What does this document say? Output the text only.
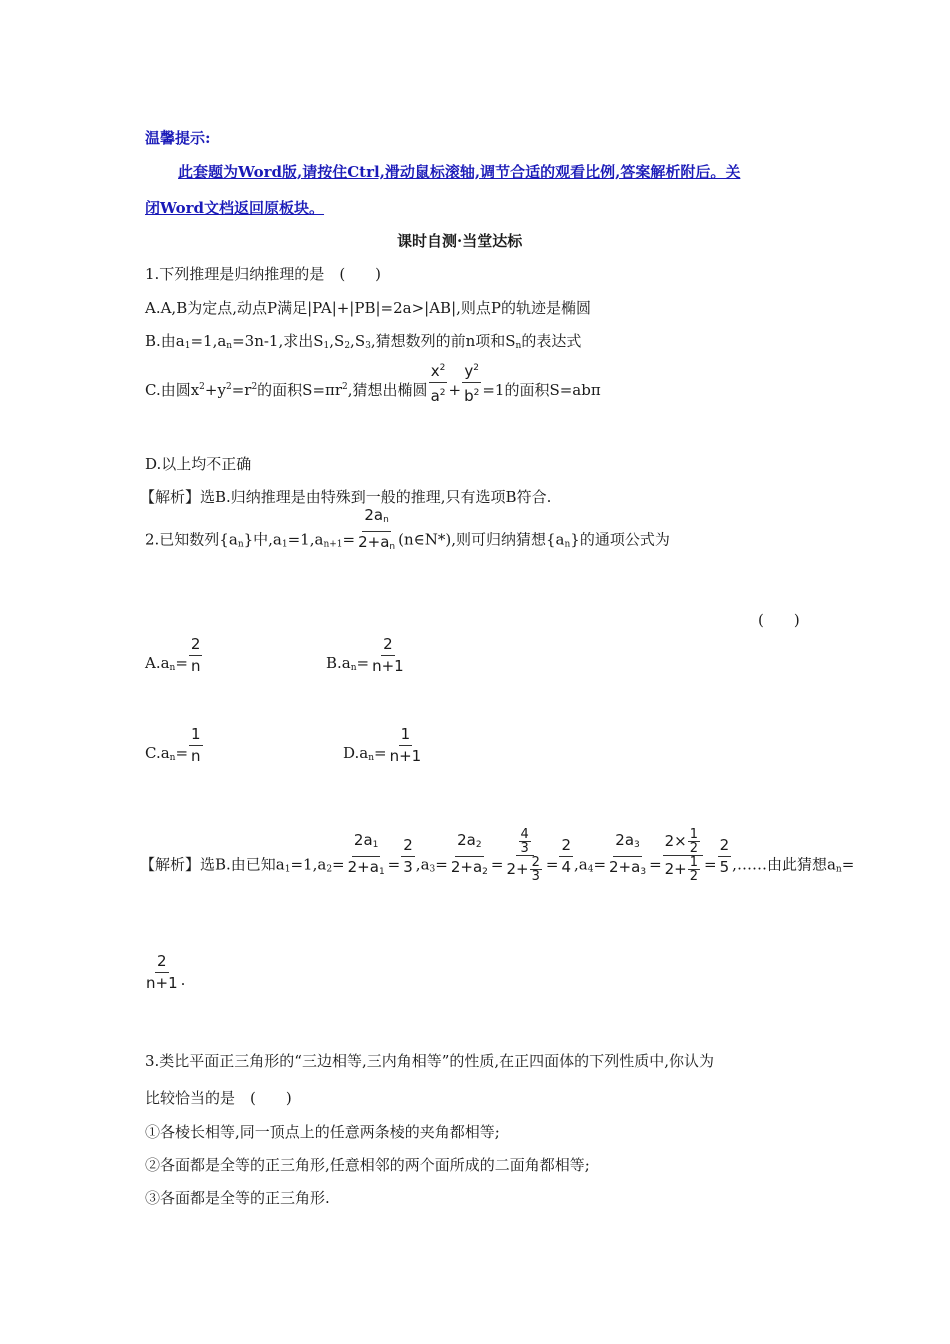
温馨提示:
此套题为Word版,请按住Ctrl,滑动鼠标滚轴,调节合适的观看比例,答案解析附后。关
闭Word文档返回原板块。
课时自测·当堂达标
1.下列推理是归纳推理的是　(　　)
A.A,B为定点,动点P满足|PA|+|PB|=2a>|AB|,则点P的轨迹是椭圆
B.由$a_1=1,a_n=3n-1$,求出$S_1,S_2,S_3$,猜想数列的前n项和$S_n$的表达式
C.由圆$x^2+y^2=r^2$的面积$S=\pi r^2$,猜想出椭圆 $\frac{x^2}{a^2} + \frac{y^2}{b^2} =1$的面积S=abπ
D.以上均不正确
【解析】选B.归纳推理是由特殊到一般的推理,只有选项B符合.
2.已知数列$\{a_n\}$中$,a_1=1,a_{n+1}= \frac{2a_n}{2+a_n}$ (n∈N*),则可归纳猜想$\{a_n\}$的通项公式为
(　　)
$A.a_n= \frac{2}{n}$	$B.a_n= \frac{2}{n+1}$
$C.a_n= \frac{1}{n}$	$D.a_n= \frac{1}{n+1}$
【解析】选B.由已知$a_1=1,a_2= \frac{2a_1}{2+a_1} = \frac{2}{3} ,a_3= \frac{2a_2}{2+a_2} = \frac{\frac{4}{3}}{2+ \frac{2}{3}} = \frac{2}{4} ,a_4= \frac{2a_3}{2+a_3} = \frac{2\times \frac{1}{2}}{2+ \frac{1}{2}} = \frac{2}{5}$ ,……由此猜想$a_n=$
$\frac{2}{n+1}$ .
3.类比平面正三角形的“三边相等,三内角相等”的性质,在正四面体的下列性质中,你认为
比较恰当的是　(　　)
①各棱长相等,同一顶点上的任意两条棱的夹角都相等;
②各面都是全等的正三角形,任意相邻的两个面所成的二面角都相等;
③各面都是全等的正三角形.
